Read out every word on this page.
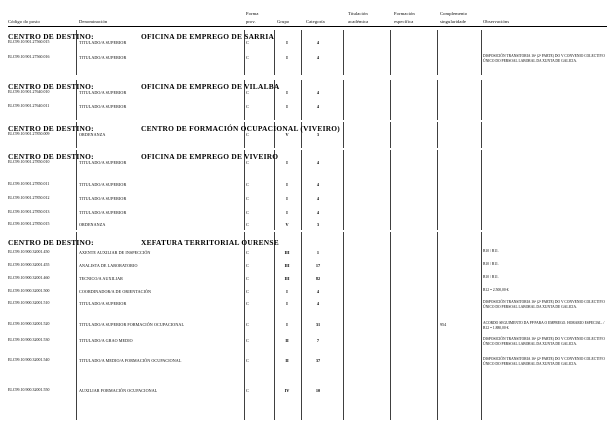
Código do posto	Denominación
Forma
prov.	Grupo	Categoría
Titulación
académica
Formación
específica
Complemento
singularidade	Observacións
CENTRO DE DESTINO:	OFICINA DE EMPREGO DE SARRIA
ELC99.10.901.27560.015	TITULADO/A SUPERIOR	C	I	4
ELC99.10.901.27560.016	TITULADO/A SUPERIOR	C	I	4	DISPOSICIÓN TRANSITORIA 16ª (2ª PARTE) DO V CONVENIO COLECTIVO ÚNICO DO PERSOAL LABORAL DA XUNTA DE GALICIA.
CENTRO DE DESTINO:	OFICINA DE EMPREGO DE VILALBA
ELC99.10.901.27640.010	TITULADO/A SUPERIOR	C	I	4
ELC99.10.901.27640.011	TITULADO/A SUPERIOR	C	I	4
CENTRO DE DESTINO:	CENTRO DE FORMACIÓN OCUPACIONAL (VIVEIRO)
ELC99.10.901.27850.009	ORDENANZA	C	V	3
CENTRO DE DESTINO:	OFICINA DE EMPREGO DE VIVEIRO
ELC99.10.901.27850.010	TITULADO/A SUPERIOR	C	I	4
ELC99.10.901.27850.011	TITULADO/A SUPERIOR	C	I	4
ELC99.10.901.27850.012	TITULADO/A SUPERIOR	C	I	4
ELC99.10.901.27850.013	TITULADO/A SUPERIOR	C	I	4
ELC99.10.901.27850.015	ORDENANZA	C	V	3
CENTRO DE DESTINO:	XEFATURA TERRITORIAL OURENSE
ELC99.10.900.32001.450	AXENTE AUXILIAR DE INSPECCIÓN	C	III	1	B10 / B11.
ELC99.10.900.32001.455	ANALISTA DE LABORATORIO	C	III	17	B10 / B11.
ELC99.10.900.32001.460	TECNICO/A AUXILIAR	C	III	82	B10 / B11.
ELC99.10.900.32001.500	COORDINADOR/A DE ORIENTACIÓN	C	I	4	B12 = 2.500,00 €.
ELC99.10.900.32001.510	TITULADO/A SUPERIOR	C	I	4	DISPOSICIÓN TRANSITORIA 16ª (2ª PARTE) DO V CONVENIO COLECTIVO ÚNICO DO PERSOAL LABORAL DA XUNTA DE GALICIA.
ELC99.10.900.32001.520	TITULADO/A SUPERIOR FORMACIÓN OCUPACIONAL	C	I	31	954	ACORDO SEGUIMENTO DA PP PARA O EMPREGO. HORARIO ESPECIAL. / B12 = 1.880,00 €.
ELC99.10.900.32001.530	TITULADO/A GRAO MEDIO	C	II	7	DISPOSICIÓN TRANSITORIA 16ª (2ª PARTE) DO V CONVENIO COLECTIVO ÚNICO DO PERSOAL LABORAL DA XUNTA DE GALICIA.
ELC99.10.900.32001.540	TITULADO/A MEDIO/A FORMACIÓN OCUPACIONAL	C	II	37	DISPOSICIÓN TRANSITORIA 16ª (2ª PARTE) DO V CONVENIO COLECTIVO ÚNICO DO PERSOAL LABORAL DA XUNTA DE GALICIA.
ELC99.10.900.32001.550	AUXILIAR FORMACIÓN OCUPACIONAL	C	IV	10
